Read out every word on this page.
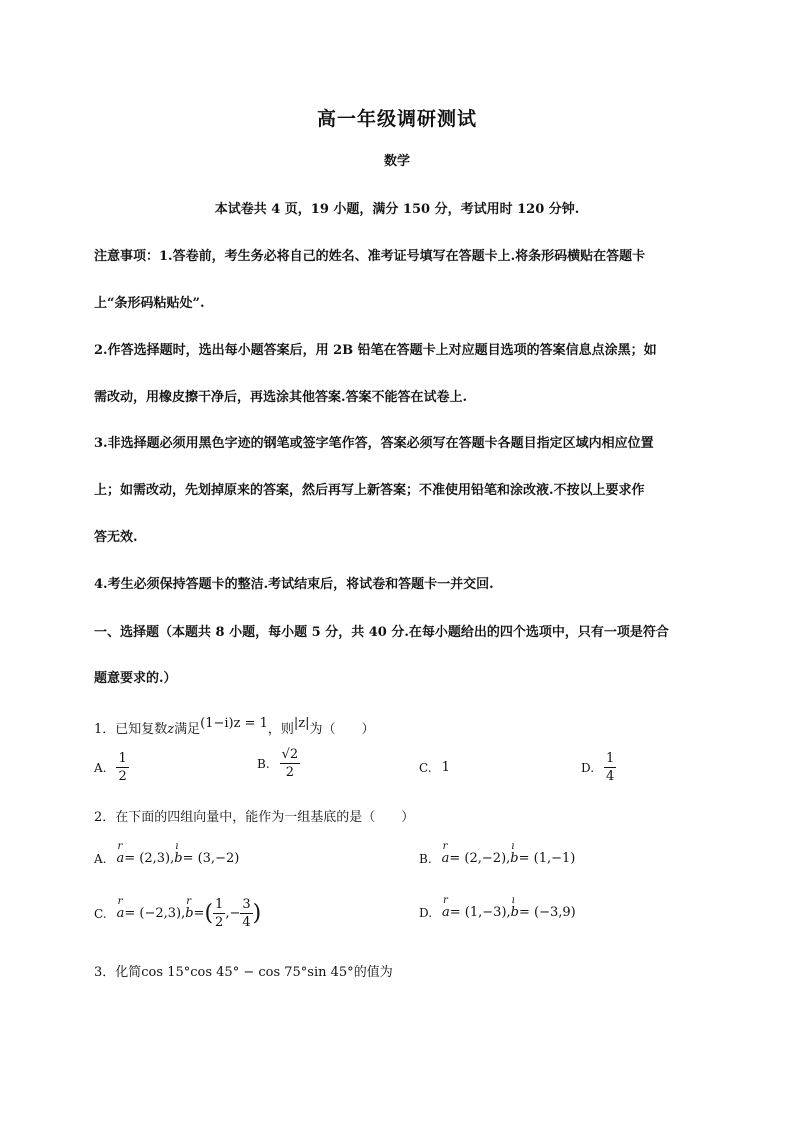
高一年级调研测试
数学
本试卷共 4 页，19 小题，满分 150 分，考试用时 120 分钟.
注意事项：1.答卷前，考生务必将自己的姓名、准考证号填写在答题卡上.将条形码横贴在答题卡
上“条形码粘贴处”.
2.作答选择题时，选出每小题答案后，用 2B 铅笔在答题卡上对应题目选项的答案信息点涂黑；如
需改动，用橡皮擦干净后，再选涂其他答案.答案不能答在试卷上.
3.非选择题必须用黑色字迹的钢笔或签字笔作答，答案必须写在答题卡各题目指定区域内相应位置
上；如需改动，先划掉原来的答案，然后再写上新答案；不准使用铅笔和涂改液.不按以上要求作
答无效.
4.考生必须保持答题卡的整洁.考试结束后，将试卷和答题卡一并交回.
一、选择题（本题共 8 小题，每小题 5 分，共 40 分.在每小题给出的四个选项中，只有一项是符合
题意要求的.）
1．已知复数z满足(1−i)z = 1，则|z|为（　　）
A. $\frac{1}{2}$	B. $\frac{√2}{2}$	C. 1	D. $\frac{1}{4}$
2．在下面的四组向量中，能作为一组基底的是（　　）
A.
r
a = (2,3),
ı
b = (3,−2)	B.
r
a = (2,−2),
ı
b = (1,−1)
C.
r
a = (−2,3),
r
b = ( $\frac{1}{2}$ ,− $\frac{3}{4}$ )	D.
r
a = (1,−3),
ı
b = (−3,9)
3．化简cos 15°cos 45° − cos 75°sin 45°的值为
